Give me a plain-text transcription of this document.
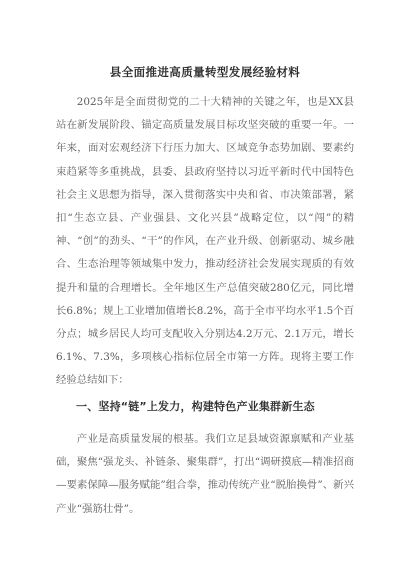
县全面推进高质量转型发展经验材料

2025年是全面贯彻党的二十大精神的关键之年，也是XX县站在新发展阶段、锚定高质量发展目标攻坚突破的重要一年。一年来，面对宏观经济下行压力加大、区域竞争态势加剧、要素约束趋紧等多重挑战，县委、县政府坚持以习近平新时代中国特色社会主义思想为指导，深入贯彻落实中央和省、市决策部署，紧扣“生态立县、产业强县、文化兴县”战略定位，以“闯”的精神、“创”的劲头、“干”的作风，在产业升级、创新驱动、城乡融合、生态治理等领域集中发力，推动经济社会发展实现质的有效提升和量的合理增长。全年地区生产总值突破280亿元，同比增长6.8%；规上工业增加值增长8.2%，高于全市平均水平1.5个百分点；城乡居民人均可支配收入分别达4.2万元、2.1万元，增长6.1%、7.3%，多项核心指标位居全市第一方阵。现将主要工作经验总结如下：

一、坚持“链”上发力，构建特色产业集群新生态

产业是高质量发展的根基。我们立足县域资源禀赋和产业基础，聚焦“强龙头、补链条、聚集群”，打出“调研摸底—精准招商—要素保障—服务赋能”组合拳，推动传统产业“脱胎换骨”、新兴产业“强筋壮骨”。
